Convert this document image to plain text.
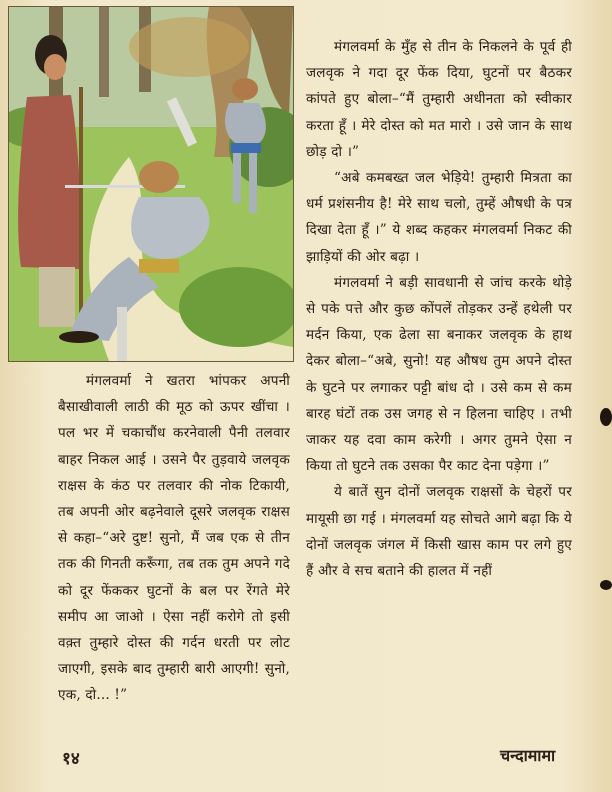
मंगलवर्मा ने खतरा भांपकर अपनी बैसाखीवाली लाठी की मूठ को ऊपर खींचा । पल भर में चकाचौंध करनेवाली पैनी तलवार बाहर निकल आई । उसने पैर तुड़वाये जलवृक राक्षस के कंठ पर तलवार की नोक टिकायी, तब अपनी ओर बढ़नेवाले दूसरे जलवृक राक्षस से कहा–“अरे दुष्ट! सुनो, मैं जब एक से तीन तक की गिनती करूँगा, तब तक तुम अपने गदे को दूर फेंककर घुटनों के बल पर रेंगते मेरे समीप आ जाओ । ऐसा नहीं करोगे तो इसी वक़्त तुम्हारे दोस्त की गर्दन धरती पर लोट जाएगी, इसके बाद तुम्हारी बारी आएगी! सुनो, एक, दो... !”

मंगलवर्मा के मुँह से तीन के निकलने के पूर्व ही जलवृक ने गदा दूर फेंक दिया, घुटनों पर बैठकर कांपते हुए बोला–“मैं तुम्हारी अधीनता को स्वीकार करता हूँ । मेरे दोस्त को मत मारो । उसे जान के साथ छोड़ दो ।”

“अबे कमबख्त जल भेड़िये! तुम्हारी मित्रता का धर्म प्रशंसनीय है! मेरे साथ चलो, तुम्हें औषधी के पत्र दिखा देता हूँ ।” ये शब्द कहकर मंगलवर्मा निकट की झाड़ियों की ओर बढ़ा ।

मंगलवर्मा ने बड़ी सावधानी से जांच करके थोड़े से पके पत्ते और कुछ कोंपलें तोड़कर उन्हें हथेली पर मर्दन किया, एक ढेला सा बनाकर जलवृक के हाथ देकर बोला–“अबे, सुनो! यह औषध तुम अपने दोस्त के घुटने पर लगाकर पट्टी बांध दो । उसे कम से कम बारह घंटों तक उस जगह से न हिलना चाहिए । तभी जाकर यह दवा काम करेगी । अगर तुमने ऐसा न किया तो घुटने तक उसका पैर काट देना पड़ेगा ।”

ये बातें सुन दोनों जलवृक राक्षसों के चेहरों पर मायूसी छा गई । मंगलवर्मा यह सोचते आगे बढ़ा कि ये दोनों जलवृक जंगल में किसी खास काम पर लगे हुए हैं और वे सच बताने की हालत में नहीं

१४	चन्दामामा
